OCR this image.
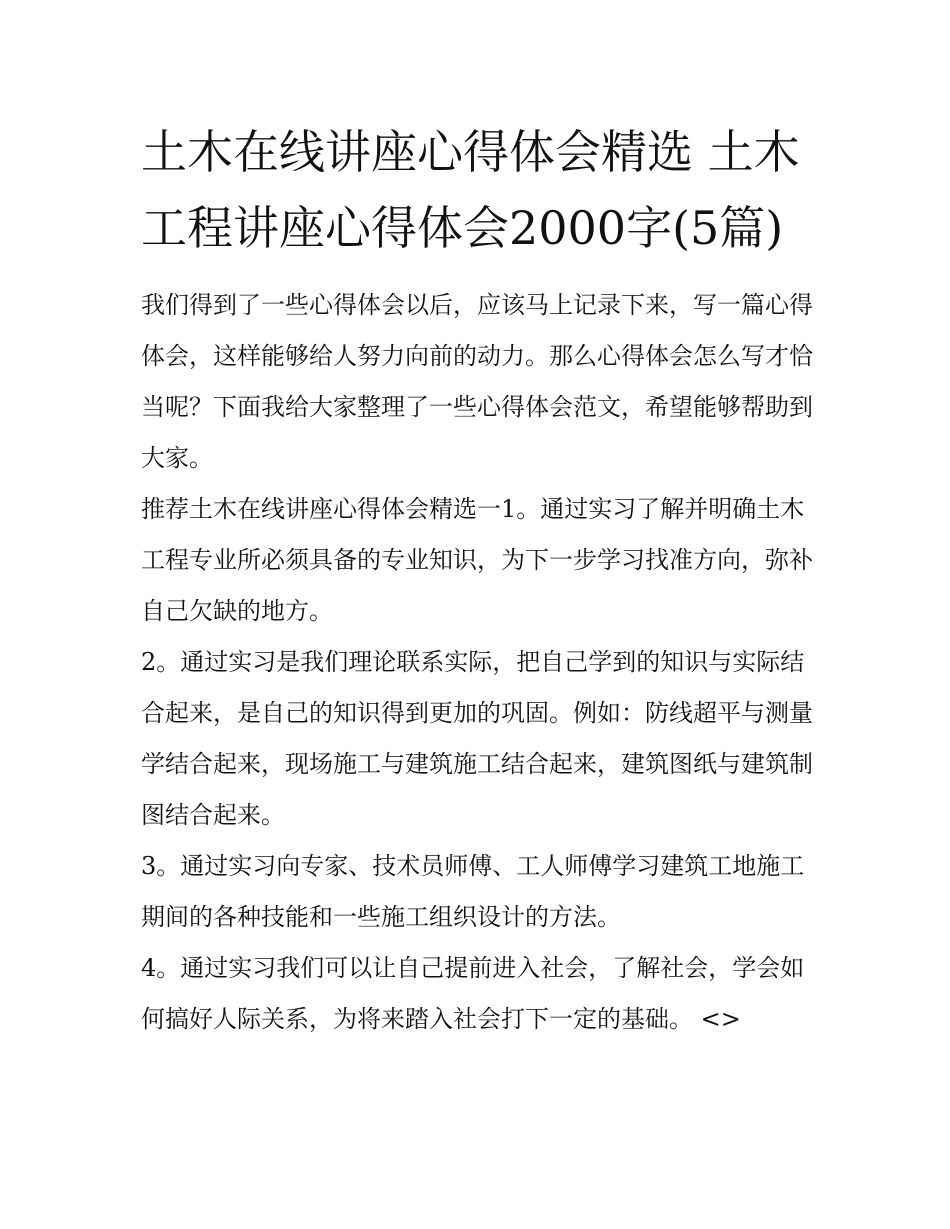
土木在线讲座心得体会精选 土木工程讲座心得体会2000字(5篇)

我们得到了一些心得体会以后，应该马上记录下来，写一篇心得体会，这样能够给人努力向前的动力。那么心得体会怎么写才恰当呢？下面我给大家整理了一些心得体会范文，希望能够帮助到大家。

推荐土木在线讲座心得体会精选一1。通过实习了解并明确土木工程专业所必须具备的专业知识，为下一步学习找准方向，弥补自己欠缺的地方。

2。通过实习是我们理论联系实际，把自己学到的知识与实际结合起来，是自己的知识得到更加的巩固。例如：防线超平与测量学结合起来，现场施工与建筑施工结合起来，建筑图纸与建筑制图结合起来。

3。通过实习向专家、技术员师傅、工人师傅学习建筑工地施工期间的各种技能和一些施工组织设计的方法。

4。通过实习我们可以让自己提前进入社会，了解社会，学会如何搞好人际关系，为将来踏入社会打下一定的基础。 <>
